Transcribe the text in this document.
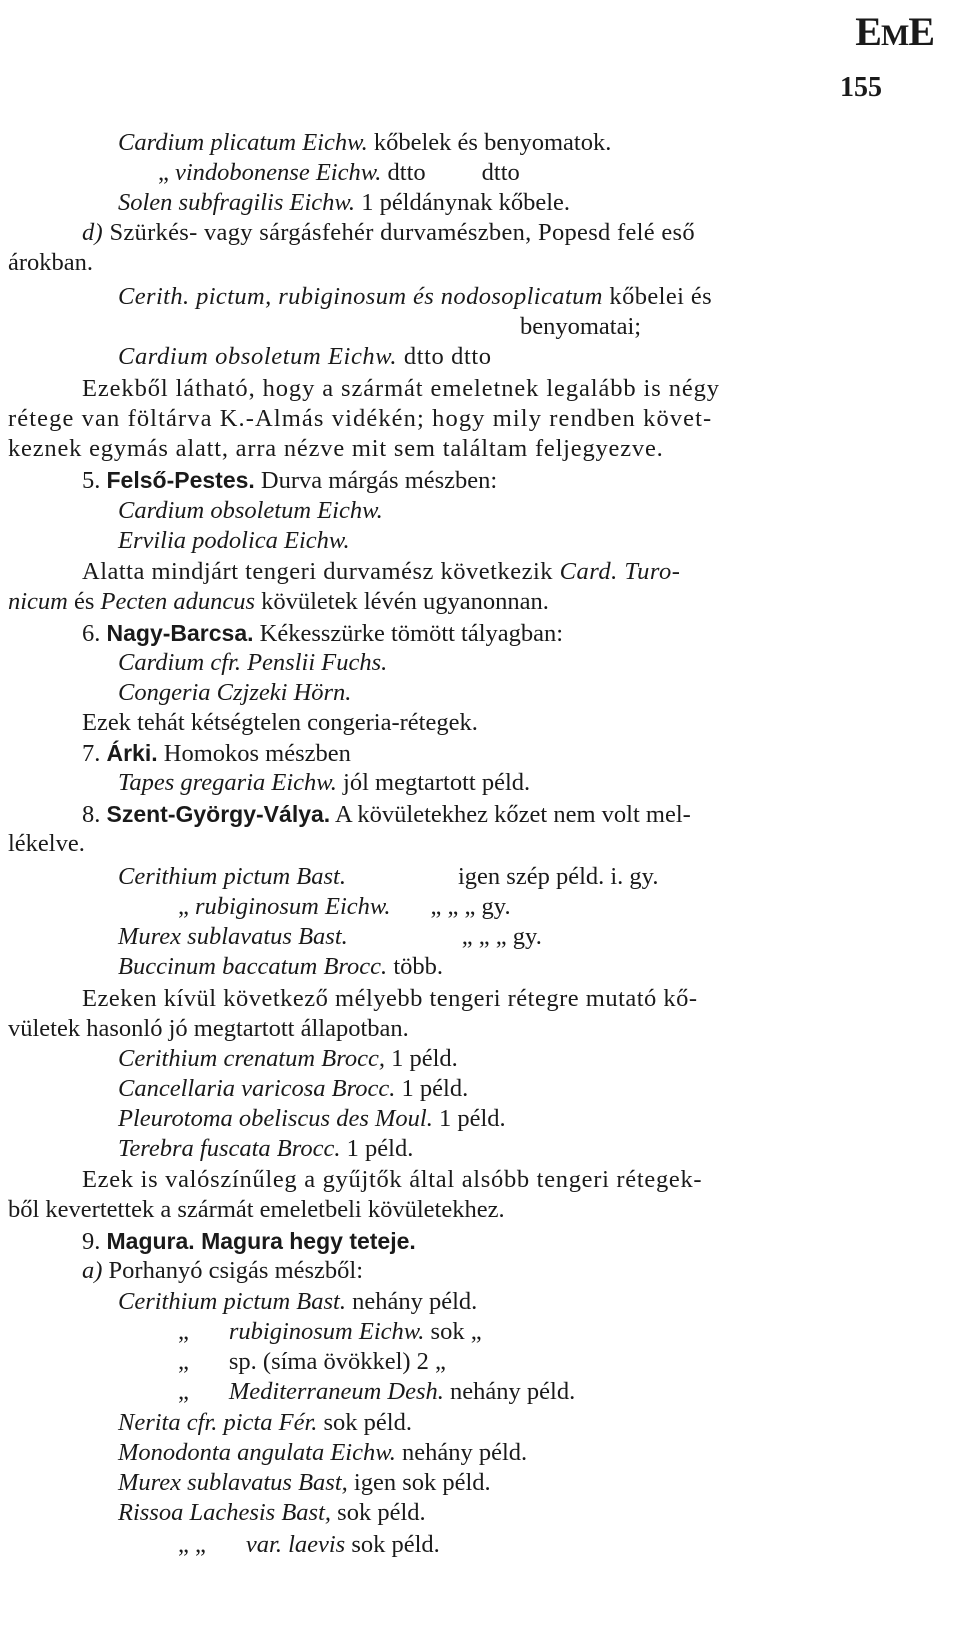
EME
155
Cardium plicatum Eichw. kőbelek és benyomatok.
„ vindobonense Eichw. dtto dtto
Solen subfragilis Eichw. 1 példánynak kőbele.
d) Szürkés- vagy sárgásfehér durvamészben, Popesd felé eső
árokban.
Cerith. pictum, rubiginosum és nodosoplicatum kőbelei és
benyomatai;
Cardium obsoletum Eichw. dtto dtto
Ezekből látható, hogy a szármát emeletnek legalább is négy
rétege van föltárva K.-Almás vidékén; hogy mily rendben követ-
keznek egymás alatt, arra nézve mit sem találtam feljegyezve.
5. Felső-Pestes. Durva márgás mészben:
Cardium obsoletum Eichw.
Ervilia podolica Eichw.
Alatta mindjárt tengeri durvamész következik Card. Turo-
nicum és Pecten aduncus kövületek lévén ugyanonnan.
6. Nagy-Barcsa. Kékesszürke tömött tályagban:
Cardium cfr. Penslii Fuchs.
Congeria Czjzeki Hörn.
Ezek tehát kétségtelen congeria-rétegek.
7. Árki. Homokos mészben
Tapes gregaria Eichw. jól megtartott péld.
8. Szent-György-Válya. A kövületekhez kőzet nem volt mel-
lékelve.
Cerithium pictum Bast.	igen szép péld. i. gy.
„ rubiginosum Eichw. „ „ „ gy.
Murex sublavatus Bast.	„ „ „ gy.
Buccinum baccatum Brocc. több.
Ezeken kívül következő mélyebb tengeri rétegre mutató kő-
vületek hasonló jó megtartott állapotban.
Cerithium crenatum Brocc, 1 péld.
Cancellaria varicosa Brocc. 1 péld.
Pleurotoma obeliscus des Moul. 1 péld.
Terebra fuscata Brocc. 1 péld.
Ezek is valószínűleg a gyűjtők által alsóbb tengeri rétegek-
ből kevertettek a szármát emeletbeli kövületekhez.
9. Magura. Magura hegy teteje.
a) Porhanyó csigás mészből:
Cerithium pictum Bast. nehány péld.
„ rubiginosum Eichw. sok „
„ sp. (síma övökkel) 2 „
„ Mediterraneum Desh. nehány péld.
Nerita cfr. picta Fér. sok péld.
Monodonta angulata Eichw. nehány péld.
Murex sublavatus Bast, igen sok péld.
Rissoa Lachesis Bast, sok péld.
„ „ var. laevis sok péld.
